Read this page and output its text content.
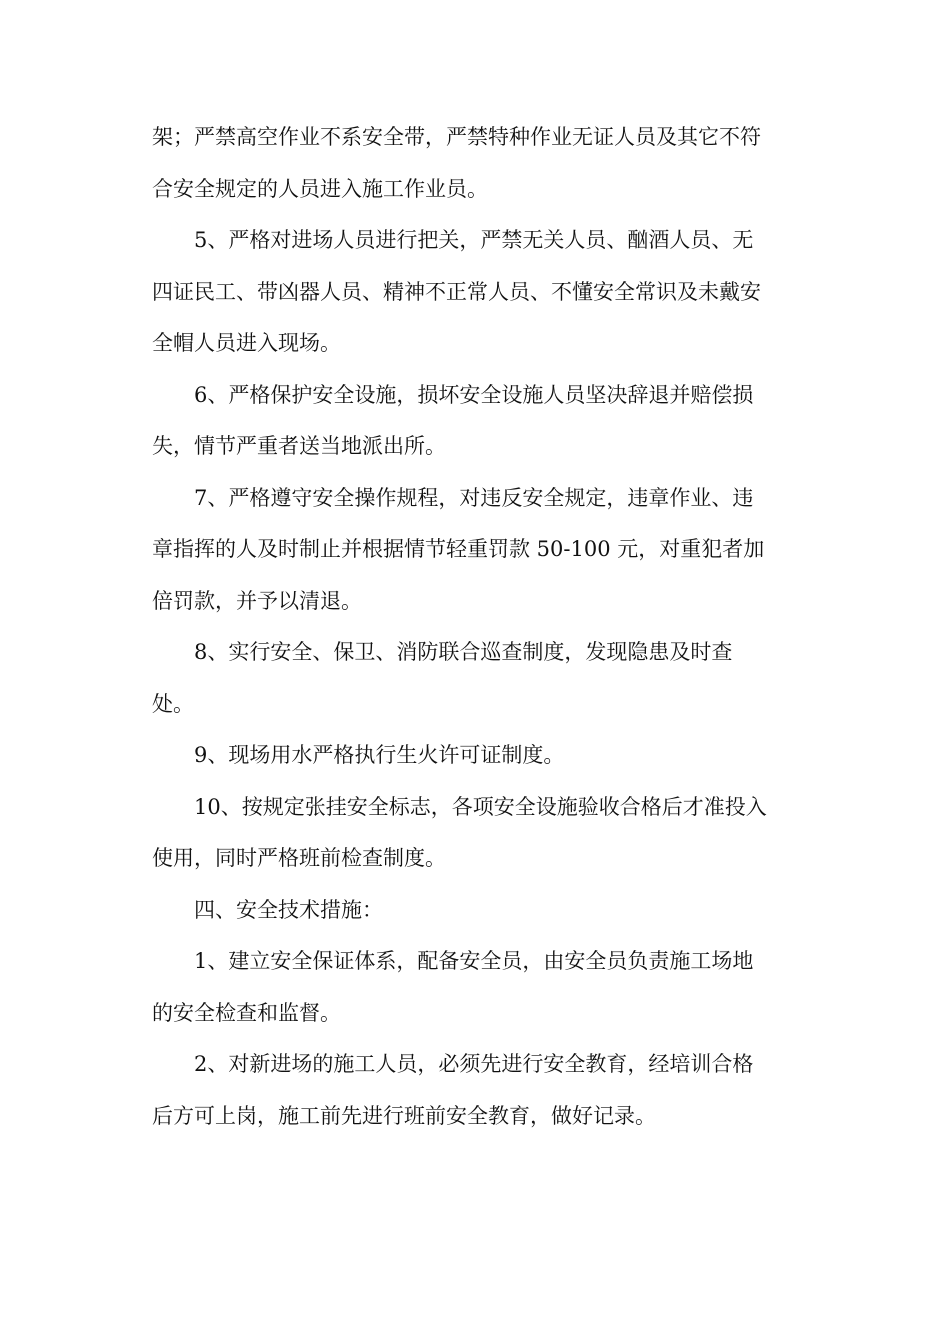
架；严禁高空作业不系安全带，严禁特种作业无证人员及其它不符
合安全规定的人员进入施工作业员。
5、严格对进场人员进行把关，严禁无关人员、酗酒人员、无
四证民工、带凶器人员、精神不正常人员、不懂安全常识及未戴安
全帽人员进入现场。
6、严格保护安全设施，损坏安全设施人员坚决辞退并赔偿损
失，情节严重者送当地派出所。
7、严格遵守安全操作规程，对违反安全规定，违章作业、违
章指挥的人及时制止并根据情节轻重罚款 50-100 元，对重犯者加
倍罚款，并予以清退。
8、实行安全、保卫、消防联合巡查制度，发现隐患及时查
处。
9、现场用水严格执行生火许可证制度。
10、按规定张挂安全标志，各项安全设施验收合格后才准投入
使用，同时严格班前检查制度。
四、安全技术措施：
1、建立安全保证体系，配备安全员，由安全员负责施工场地
的安全检查和监督。
2、对新进场的施工人员，必须先进行安全教育，经培训合格
后方可上岗，施工前先进行班前安全教育，做好记录。
